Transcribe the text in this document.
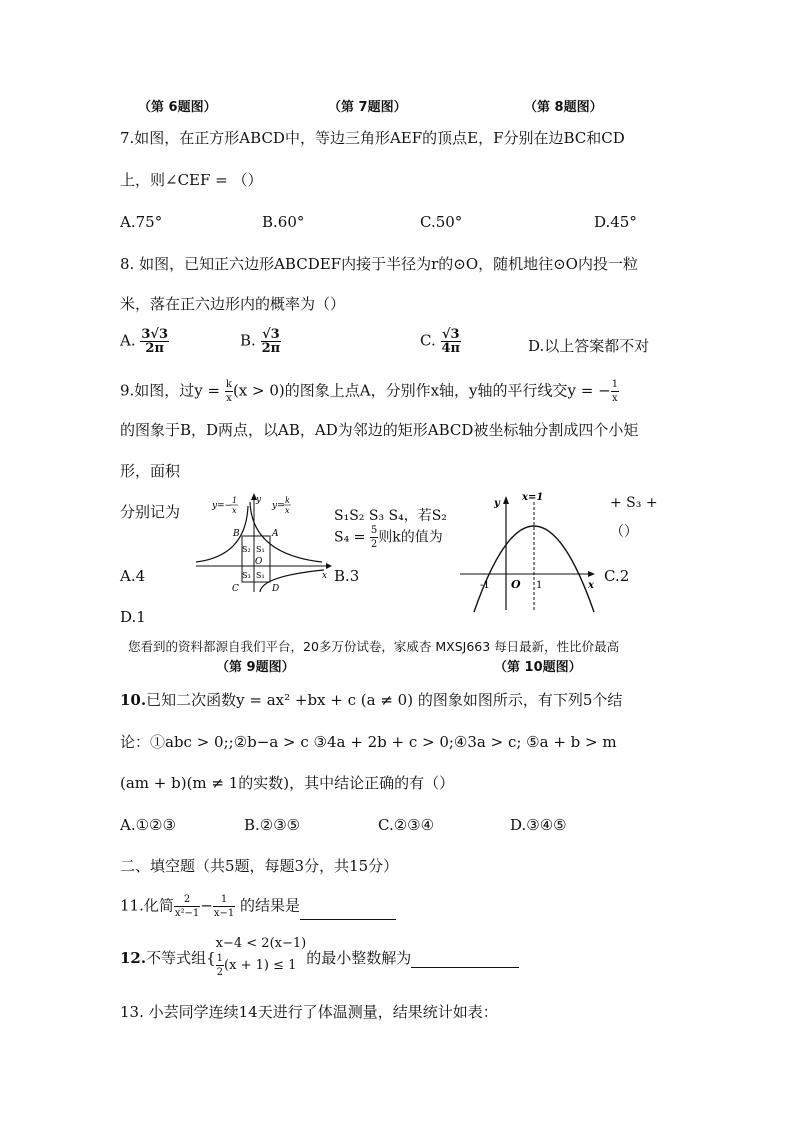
（第 6题图）	（第 7题图）	（第 8题图）
7.如图，在正方形ABCD中，等边三角形AEF的顶点E，F分别在边BC和CD
上，则∠CEF = （）
A.75°	B.60°	C.50°	D.45°
8. 如图，已知正六边形ABCDEF内接于半径为r的⊙O，随机地往⊙O内投一粒
米，落在正六边形内的概率为（）
A. $\frac{3√3}{2\pi}$	B. $\frac{√3}{2\pi}$	C. $\frac{√3}{4\pi}$	D.以上答案都不对
9.如图，过$y = \frac{k}{x} (x > 0)$的图象上点A，分别作x轴，y轴的平行线交y = − $\frac{1}{x}$
的图象于B，D两点，以AB，AD为邻边的矩形ABCD被坐标轴分割成四个小矩
形，面积
分别记为	S₁S₂ S₃ S₄，若S₂
$S_4 = \frac{5}{2}$ 则k的值为
+ S₃ +
（）
A.4	B.3	C.2
D.1
y=−
1
x	y=
k
x
y
x
A
B
C	D
O
S₁
S₂
S₃ S₁
y
x
x=1
O
-1	1
您看到的资料都源自我们平台，20多万份试卷，家威杏 MXSJ663 每日最新，性比价最高
（第 9题图）	（第 10题图）
10.已知二次函数y = ax² +bx + c (a ≠ 0) 的图象如图所示，有下列5个结
论：①abc > 0;;②b−a > c ③4a + 2b + c > 0;④3a > c; ⑤a + b > m
(am + b)(m ≠ 1的实数)，其中结论正确的有（）
A.①②③	B.②③⑤	C.②③④	D.③④⑤
二、填空题（共5题，每题3分，共15分）
11.化简 $\frac{2}{\text{x²−1}} - \frac{1}{x-1}$ 的结果是
12.不等式组{
x−4 < 2(x−1)
$\frac{1}{2} (x + 1) \le 1$ 的最小整数解为
13. 小芸同学连续14天进行了体温测量，结果统计如表：
